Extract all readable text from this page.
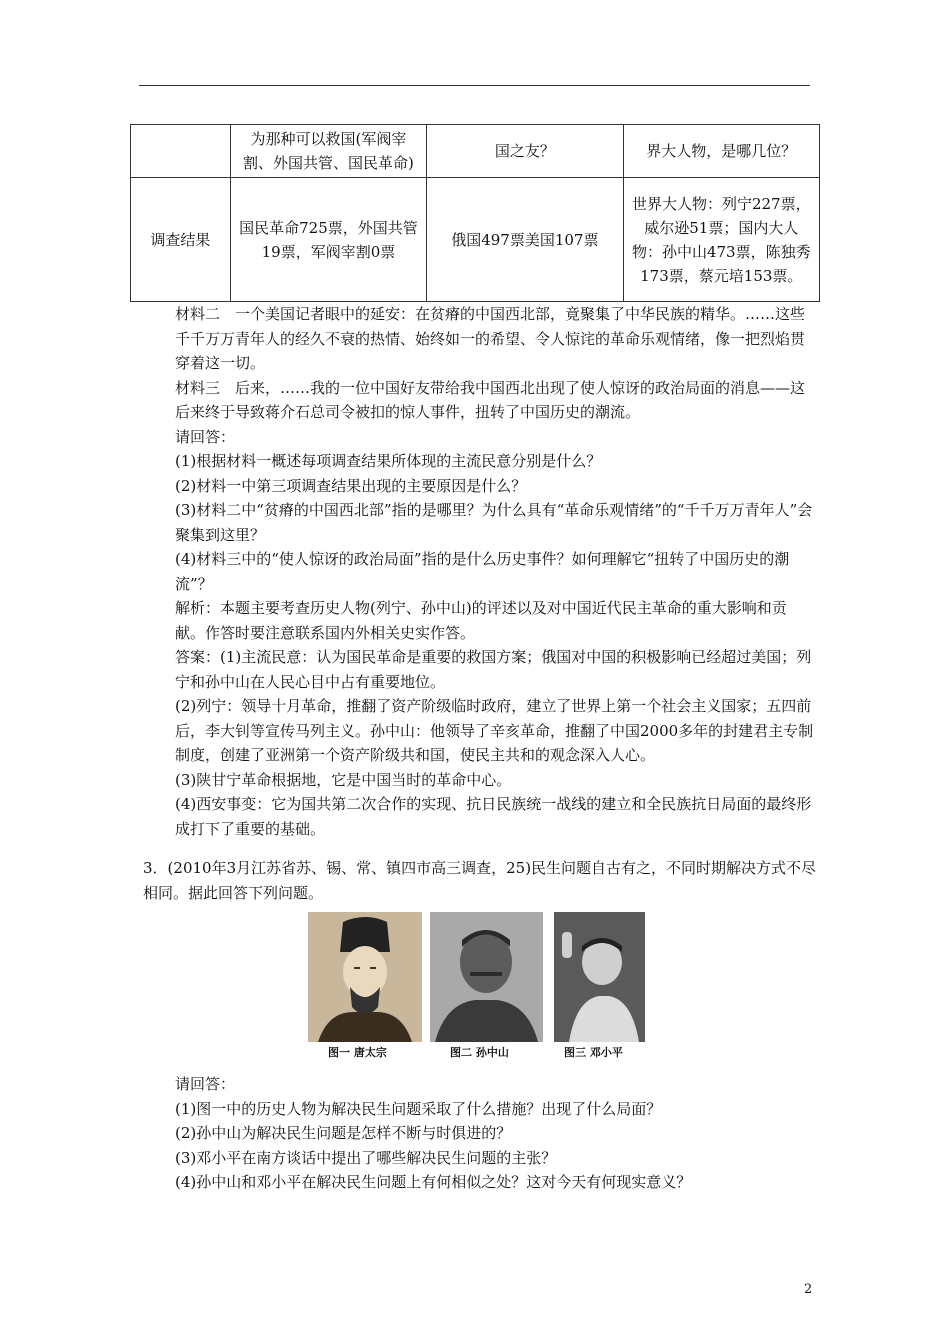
	为那种可以救国(军阀宰割、外国共管、国民革命)	国之友？	界大人物，是哪几位？
调查结果	国民革命725票，外国共管19票，军阀宰割0票	俄国497票美国107票	世界大人物：列宁227票，威尔逊51票；国内大人物：孙中山473票，陈独秀173票，蔡元培153票。

材料二　一个美国记者眼中的延安：在贫瘠的中国西北部，竟聚集了中华民族的精华。……这些千千万万青年人的经久不衰的热情、始终如一的希望、令人惊诧的革命乐观情绪，像一把烈焰贯穿着这一切。

材料三　后来，……我的一位中国好友带给我中国西北出现了使人惊讶的政治局面的消息——这后来终于导致蒋介石总司令被扣的惊人事件，扭转了中国历史的潮流。

请回答：

(1)根据材料一概述每项调查结果所体现的主流民意分别是什么？

(2)材料一中第三项调查结果出现的主要原因是什么？

(3)材料二中“贫瘠的中国西北部”指的是哪里？为什么具有“革命乐观情绪”的“千千万万青年人”会聚集到这里？

(4)材料三中的“使人惊讶的政治局面”指的是什么历史事件？如何理解它“扭转了中国历史的潮流”？

解析：本题主要考查历史人物(列宁、孙中山)的评述以及对中国近代民主革命的重大影响和贡献。作答时要注意联系国内外相关史实作答。

答案：(1)主流民意：认为国民革命是重要的救国方案；俄国对中国的积极影响已经超过美国；列宁和孙中山在人民心目中占有重要地位。

(2)列宁：领导十月革命，推翻了资产阶级临时政府，建立了世界上第一个社会主义国家；五四前后，李大钊等宣传马列主义。孙中山：他领导了辛亥革命，推翻了中国2000多年的封建君主专制制度，创建了亚洲第一个资产阶级共和国，使民主共和的观念深入人心。

(3)陕甘宁革命根据地，它是中国当时的革命中心。

(4)西安事变：它为国共第二次合作的实现、抗日民族统一战线的建立和全民族抗日局面的最终形成打下了重要的基础。

3．(2010年3月江苏省苏、锡、常、镇四市高三调查，25)民生问题自古有之，不同时期解决方式不尽相同。据此回答下列问题。

图一 唐太宗	图二 孙中山	图三 邓小平

请回答：

(1)图一中的历史人物为解决民生问题采取了什么措施？出现了什么局面？

(2)孙中山为解决民生问题是怎样不断与时俱进的？

(3)邓小平在南方谈话中提出了哪些解决民生问题的主张？

(4)孙中山和邓小平在解决民生问题上有何相似之处？这对今天有何现实意义？

2
